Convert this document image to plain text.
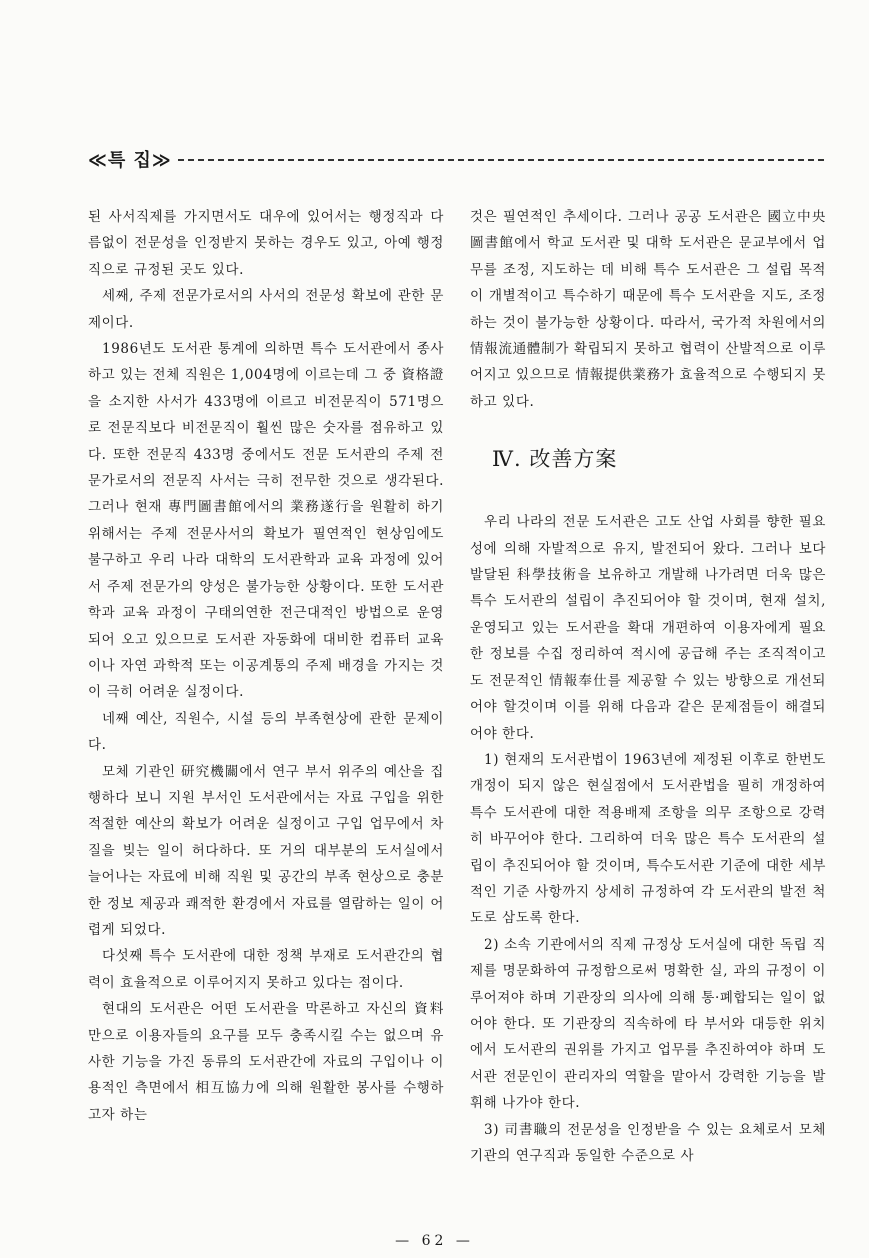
≪특 집≫

된 사서직제를 가지면서도 대우에 있어서는 행정직과 다름없이 전문성을 인정받지 못하는 경우도 있고, 아예 행정직으로 규정된 곳도 있다.

세째, 주제 전문가로서의 사서의 전문성 확보에 관한 문제이다.

1986년도 도서관 통계에 의하면 특수 도서관에서 종사하고 있는 전체 직원은 1,004명에 이르는데 그 중 資格證을 소지한 사서가 433명에 이르고 비전문직이 571명으로 전문직보다 비전문직이 훨씬 많은 숫자를 점유하고 있다. 또한 전문직 433명 중에서도 전문 도서관의 주제 전문가로서의 전문직 사서는 극히 전무한 것으로 생각된다. 그러나 현재 專門圖書館에서의 業務遂行을 원활히 하기 위해서는 주제 전문사서의 확보가 필연적인 현상임에도 불구하고 우리 나라 대학의 도서관학과 교육 과정에 있어서 주제 전문가의 양성은 불가능한 상황이다. 또한 도서관학과 교육 과정이 구태의연한 전근대적인 방법으로 운영되어 오고 있으므로 도서관 자동화에 대비한 컴퓨터 교육이나 자연 과학적 또는 이공계통의 주제 배경을 가지는 것이 극히 어려운 실정이다.

네째 예산, 직원수, 시설 등의 부족현상에 관한 문제이다.

모체 기관인 研究機關에서 연구 부서 위주의 예산을 집행하다 보니 지원 부서인 도서관에서는 자료 구입을 위한 적절한 예산의 확보가 어려운 실정이고 구입 업무에서 차질을 빚는 일이 허다하다. 또 거의 대부분의 도서실에서 늘어나는 자료에 비해 직원 및 공간의 부족 현상으로 충분한 정보 제공과 쾌적한 환경에서 자료를 열람하는 일이 어렵게 되었다.

다섯째 특수 도서관에 대한 정책 부재로 도서관간의 협력이 효율적으로 이루어지지 못하고 있다는 점이다.

현대의 도서관은 어떤 도서관을 막론하고 자신의 資料만으로 이용자들의 요구를 모두 충족시킬 수는 없으며 유사한 기능을 가진 동류의 도서관간에 자료의 구입이나 이용적인 측면에서 相互協力에 의해 원활한 봉사를 수행하고자 하는

것은 필연적인 추세이다. 그러나 공공 도서관은 國立中央圖書館에서 학교 도서관 및 대학 도서관은 문교부에서 업무를 조정, 지도하는 데 비해 특수 도서관은 그 설립 목적이 개별적이고 특수하기 때문에 특수 도서관을 지도, 조정하는 것이 불가능한 상황이다. 따라서, 국가적 차원에서의 情報流通體制가 확립되지 못하고 협력이 산발적으로 이루어지고 있으므로 情報提供業務가 효율적으로 수행되지 못하고 있다.

Ⅳ. 改善方案

우리 나라의 전문 도서관은 고도 산업 사회를 향한 필요성에 의해 자발적으로 유지, 발전되어 왔다. 그러나 보다 발달된 科學技術을 보유하고 개발해 나가려면 더욱 많은 특수 도서관의 설립이 추진되어야 할 것이며, 현재 설치, 운영되고 있는 도서관을 확대 개편하여 이용자에게 필요한 정보를 수집 정리하여 적시에 공급해 주는 조직적이고도 전문적인 情報奉仕를 제공할 수 있는 방향으로 개선되어야 할것이며 이를 위해 다음과 같은 문제점들이 해결되어야 한다.

1) 현재의 도서관법이 1963년에 제정된 이후로 한번도 개정이 되지 않은 현실점에서 도서관법을 필히 개정하여 특수 도서관에 대한 적용배제 조항을 의무 조항으로 강력히 바꾸어야 한다. 그리하여 더욱 많은 특수 도서관의 설립이 추진되어야 할 것이며, 특수도서관 기준에 대한 세부적인 기준 사항까지 상세히 규정하여 각 도서관의 발전 척도로 삼도록 한다.

2) 소속 기관에서의 직제 규정상 도서실에 대한 독립 직제를 명문화하여 규정함으로써 명확한 실, 과의 규정이 이루어져야 하며 기관장의 의사에 의해 통·폐합되는 일이 없어야 한다. 또 기관장의 직속하에 타 부서와 대등한 위치에서 도서관의 권위를 가지고 업무를 추진하여야 하며 도서관 전문인이 관리자의 역할을 맡아서 강력한 기능을 발휘해 나가야 한다.

3) 司書職의 전문성을 인정받을 수 있는 요체로서 모체 기관의 연구직과 동일한 수준으로 사

— 62 —
